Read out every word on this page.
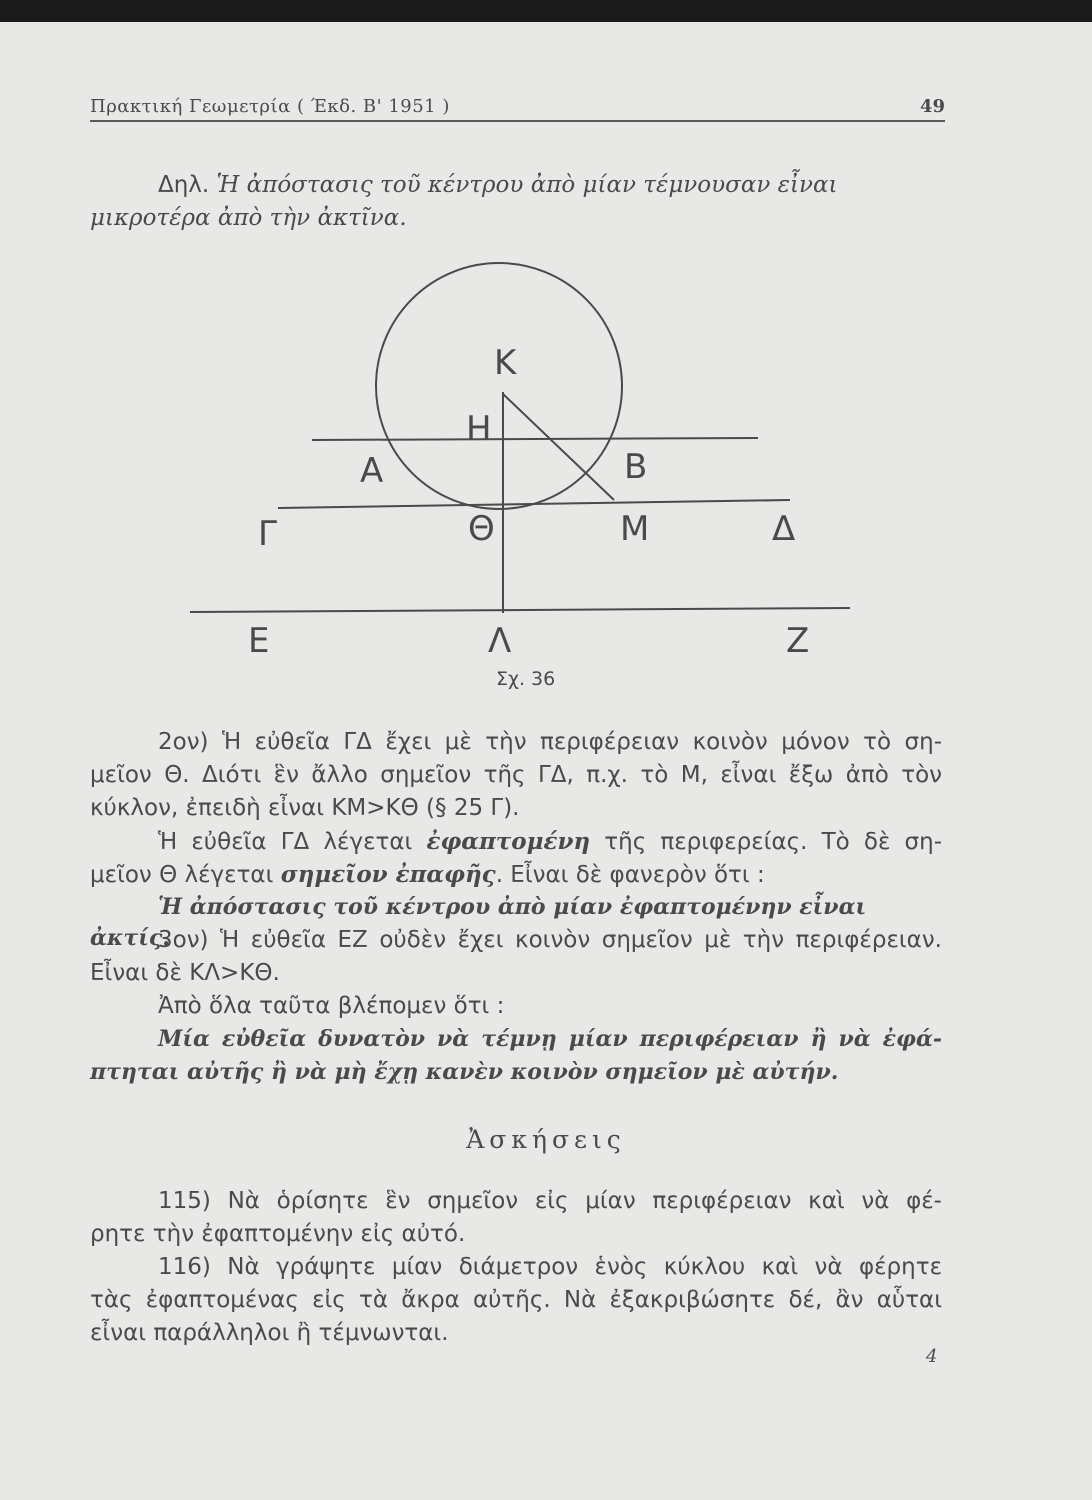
Πρακτική Γεωμετρία ( Έκδ. Β' 1951 )	49

Δηλ. Ἡ ἀπόστασις τοῦ κέντρου ἀπὸ μίαν τέμνουσαν εἶναι

μικροτέρα ἀπὸ τὴν ἀκτῖνα.

Κ
Η
Α	Β
Γ	Θ	Μ	Δ
Ε	Λ	Ζ
Σχ. 36

2ον) Ἡ εὐθεῖα ΓΔ ἔχει μὲ τὴν περιφέρειαν κοινὸν μόνον τὸ ση-

μεῖον Θ. Διότι ἓν ἄλλο σημεῖον τῆς ΓΔ, π.χ. τὸ Μ, εἶναι ἔξω ἀπὸ τὸν

κύκλον, ἐπειδὴ εἶναι ΚΜ>ΚΘ (§ 25 Γ).

Ἡ εὐθεῖα ΓΔ λέγεται ἐφαπτομένη τῆς περιφερείας. Τὸ δὲ ση-

μεῖον Θ λέγεται σημεῖον ἐπαφῆς. Εἶναι δὲ φανερὸν ὅτι :

Ἡ ἀπόστασις τοῦ κέντρου ἀπὸ μίαν ἐφαπτομένην εἶναι ἀκτίς.

3ον) Ἡ εὐθεῖα ΕΖ οὐδὲν ἔχει κοινὸν σημεῖον μὲ τὴν περιφέρειαν.

Εἶναι δὲ ΚΛ>ΚΘ.

Ἀπὸ ὅλα ταῦτα βλέπομεν ὅτι :

Μία εὐθεῖα δυνατὸν νὰ τέμνῃ μίαν περιφέρειαν ἢ νὰ ἐφά-

πτηται αὐτῆς ἢ νὰ μὴ ἔχῃ κανὲν κοινὸν σημεῖον μὲ αὐτήν.

Ἀσκήσεις

115) Νὰ ὁρίσητε ἓν σημεῖον εἰς μίαν περιφέρειαν καὶ νὰ φέ-

ρητε τὴν ἐφαπτομένην εἰς αὐτό.

116) Νὰ γράψητε μίαν διάμετρον ἑνὸς κύκλου καὶ νὰ φέρητε

τὰς ἐφαπτομένας εἰς τὰ ἄκρα αὐτῆς. Νὰ ἐξακριβώσητε δέ, ἂν αὗται

εἶναι παράλληλοι ἢ τέμνωνται.

4
